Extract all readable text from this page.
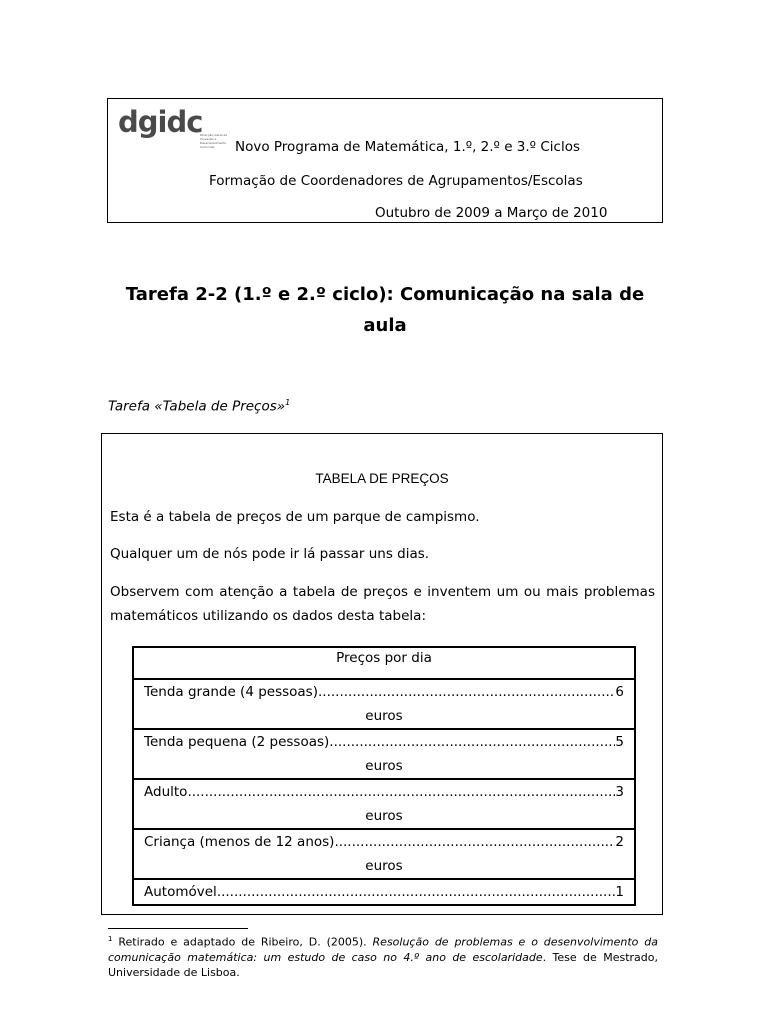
dgidc
Direcção-Geral de Inovação e Desenvolvimento Curricular	Novo Programa de Matemática, 1.º, 2.º e 3.º Ciclos
Formação de Coordenadores de Agrupamentos/Escolas
Outubro de 2009 a Março de 2010
Tarefa 2-2 (1.º e 2.º ciclo): Comunicação na sala de aula
Tarefa «Tabela de Preços»$^1$
TABELA DE PREÇOS
Esta é a tabela de preços de um parque de campismo.
Qualquer um de nós pode ir lá passar uns dias.
Observem com atenção a tabela de preços e inventem um ou mais problemas matemáticos utilizando os dados desta tabela:
Preços por dia

Tenda grande (4 pessoas) .....	6
euros

Tenda pequena (2 pessoas) .....	5
euros

Adulto .....	3
euros

Criança (menos de 12 anos) .....	2
euros

Automóvel .....	1
$^1$ Retirado e adaptado de Ribeiro, D. (2005). Resolução de problemas e o desenvolvimento da comunicação matemática: um estudo de caso no 4.º ano de escolaridade. Tese de Mestrado, Universidade de Lisboa.
